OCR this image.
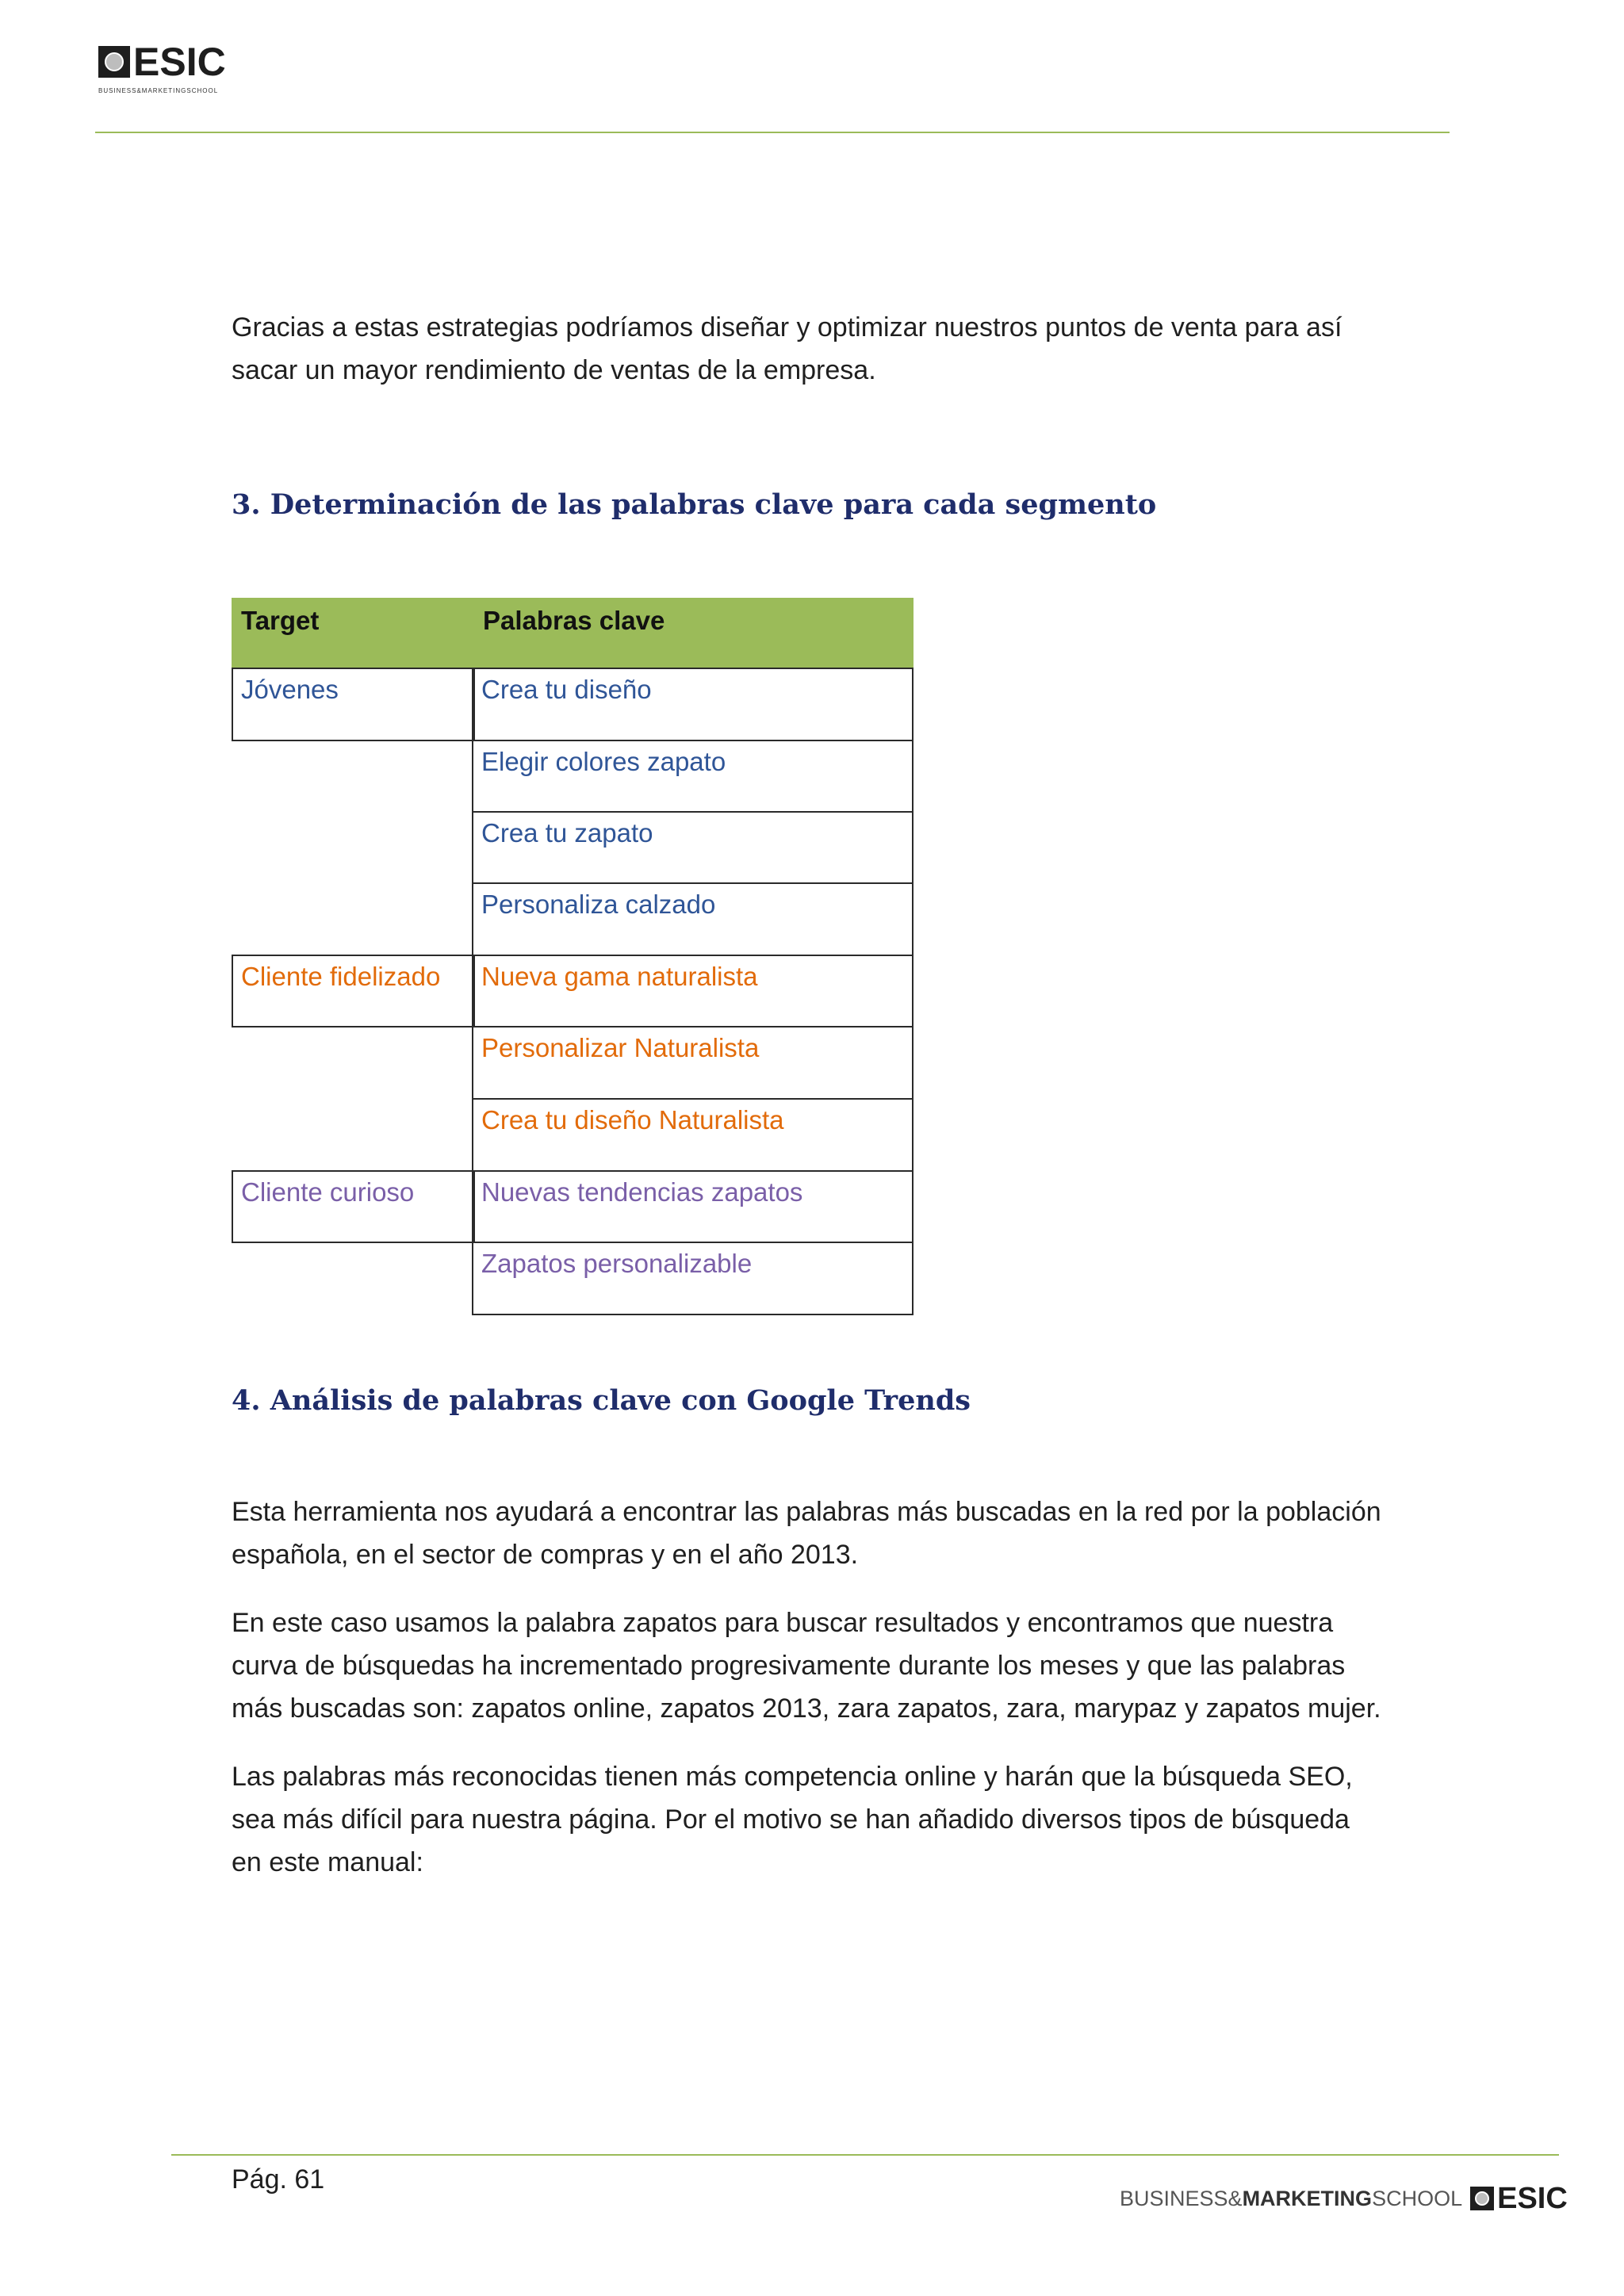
ESIC
BUSINESS&MARKETINGSCHOOL
Gracias a estas estrategias podríamos diseñar y optimizar nuestros puntos de venta para así
sacar un mayor rendimiento de ventas de la empresa.
3. Determinación de las palabras clave para cada segmento
Target	Palabras clave
Jóvenes
Cliente fidelizado
Cliente curioso
Crea tu diseño
Elegir colores zapato
Crea tu zapato
Personaliza calzado
Nueva gama naturalista
Personalizar Naturalista
Crea tu diseño Naturalista
Nuevas tendencias zapatos
Zapatos personalizable
4. Análisis de palabras clave con Google Trends
Esta herramienta nos ayudará a encontrar las palabras más buscadas en la red por la población
española, en el sector de compras y en el año 2013.
En este caso usamos la palabra zapatos para buscar resultados y encontramos que nuestra
curva de búsquedas ha incrementado progresivamente durante los meses y que las palabras
más buscadas son: zapatos online, zapatos 2013, zara zapatos, zara, marypaz y zapatos mujer.
Las palabras más reconocidas tienen más competencia online y harán que la búsqueda SEO,
sea más difícil para nuestra página. Por el motivo se han añadido diversos tipos de búsqueda
en este manual:
Pág. 61
BUSINESS& MARKETING SCHOOL ESIC
